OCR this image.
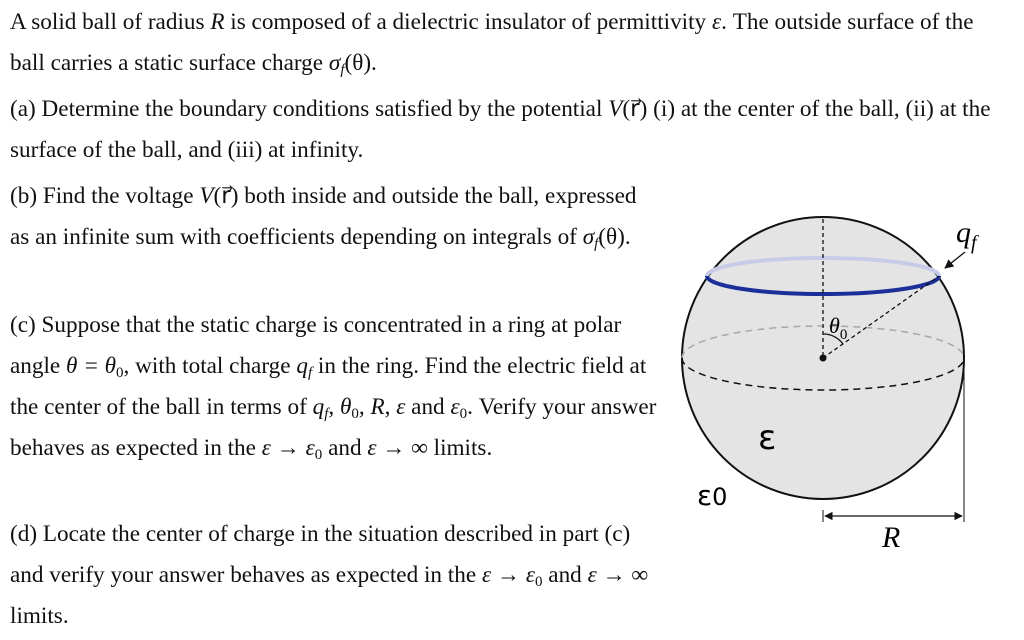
A solid ball of radius R is composed of a dielectric insulator of permittivity ε. The outside surface of the ball carries a static surface charge $\sigma_f(\theta)$.

(a) Determine the boundary conditions satisfied by the potential V(r⃗) (i) at the center of the ball, (ii) at the surface of the ball, and (iii) at infinity.

(b) Find the voltage V(r⃗) both inside and outside the ball, expressed as an infinite sum with coefficients depending on integrals of $\sigma_f(\theta)$.

(c) Suppose that the static charge is concentrated in a ring at polar angle $\theta = \theta_0$, with total charge $q_f$ in the ring. Find the electric field at the center of the ball in terms of $q_f$, $\theta_0$, R, ε and $\varepsilon_0$. Verify your answer behaves as expected in the $\varepsilon \to \varepsilon_0$ and ε → ∞ limits.

(d) Locate the center of charge in the situation described in part (c) and verify your answer behaves as expected in the $\varepsilon \to \varepsilon_0$ and ε → ∞ limits.

$q_f$
$\theta_0$
ε
ε0
R
